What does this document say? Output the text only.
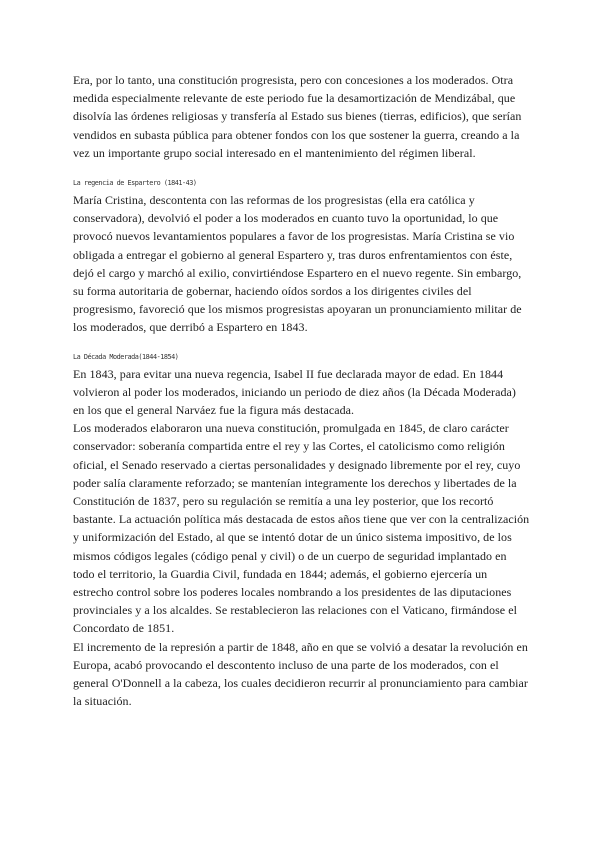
Era, por lo tanto, una constitución progresista, pero con concesiones a los moderados. Otra medida especialmente relevante de este periodo fue la desamortización de Mendizábal, que disolvía las órdenes religiosas y transfería al Estado sus bienes (tierras, edificios), que serían vendidos en subasta pública para obtener fondos con los que sostener la guerra, creando a la vez un importante grupo social interesado en el mantenimiento del régimen liberal.

La regencia de Espartero (1841-43)

María Cristina, descontenta con las reformas de los progresistas (ella era católica y conservadora), devolvió el poder a los moderados en cuanto tuvo la oportunidad, lo que provocó nuevos levantamientos populares a favor de los progresistas. María Cristina se vio obligada a entregar el gobierno al general Espartero y, tras duros enfrentamientos con éste, dejó el cargo y marchó al exilio, convirtiéndose Espartero en el nuevo regente. Sin embargo, su forma autoritaria de gobernar, haciendo oídos sordos a los dirigentes civiles del progresismo, favoreció que los mismos progresistas apoyaran un pronunciamiento militar de los moderados, que derribó a Espartero en 1843.

La Década Moderada(1844-1854)

En 1843, para evitar una nueva regencia, Isabel II fue declarada mayor de edad. En 1844 volvieron al poder los moderados, iniciando un periodo de diez años (la Década Moderada) en los que el general Narváez fue la figura más destacada.

Los moderados elaboraron una nueva constitución, promulgada en 1845, de claro carácter conservador: soberanía compartida entre el rey y las Cortes, el catolicismo como religión oficial, el Senado reservado a ciertas personalidades y designado libremente por el rey, cuyo poder salía claramente reforzado; se mantenían integramente los derechos y libertades de la Constitución de 1837, pero su regulación se remitía a una ley posterior, que los recortó bastante. La actuación política más destacada de estos años tiene que ver con la centralización y uniformización del Estado, al que se intentó dotar de un único sistema impositivo, de los mismos códigos legales (código penal y civil) o de un cuerpo de seguridad implantado en todo el territorio, la Guardia Civil, fundada en 1844; además, el gobierno ejercería un estrecho control sobre los poderes locales nombrando a los presidentes de las diputaciones provinciales y a los alcaldes. Se restablecieron las relaciones con el Vaticano, firmándose el Concordato de 1851.

El incremento de la represión a partir de 1848, año en que se volvió a desatar la revolución en Europa, acabó provocando el descontento incluso de una parte de los moderados, con el general O'Donnell a la cabeza, los cuales decidieron recurrir al pronunciamiento para cambiar la situación.
